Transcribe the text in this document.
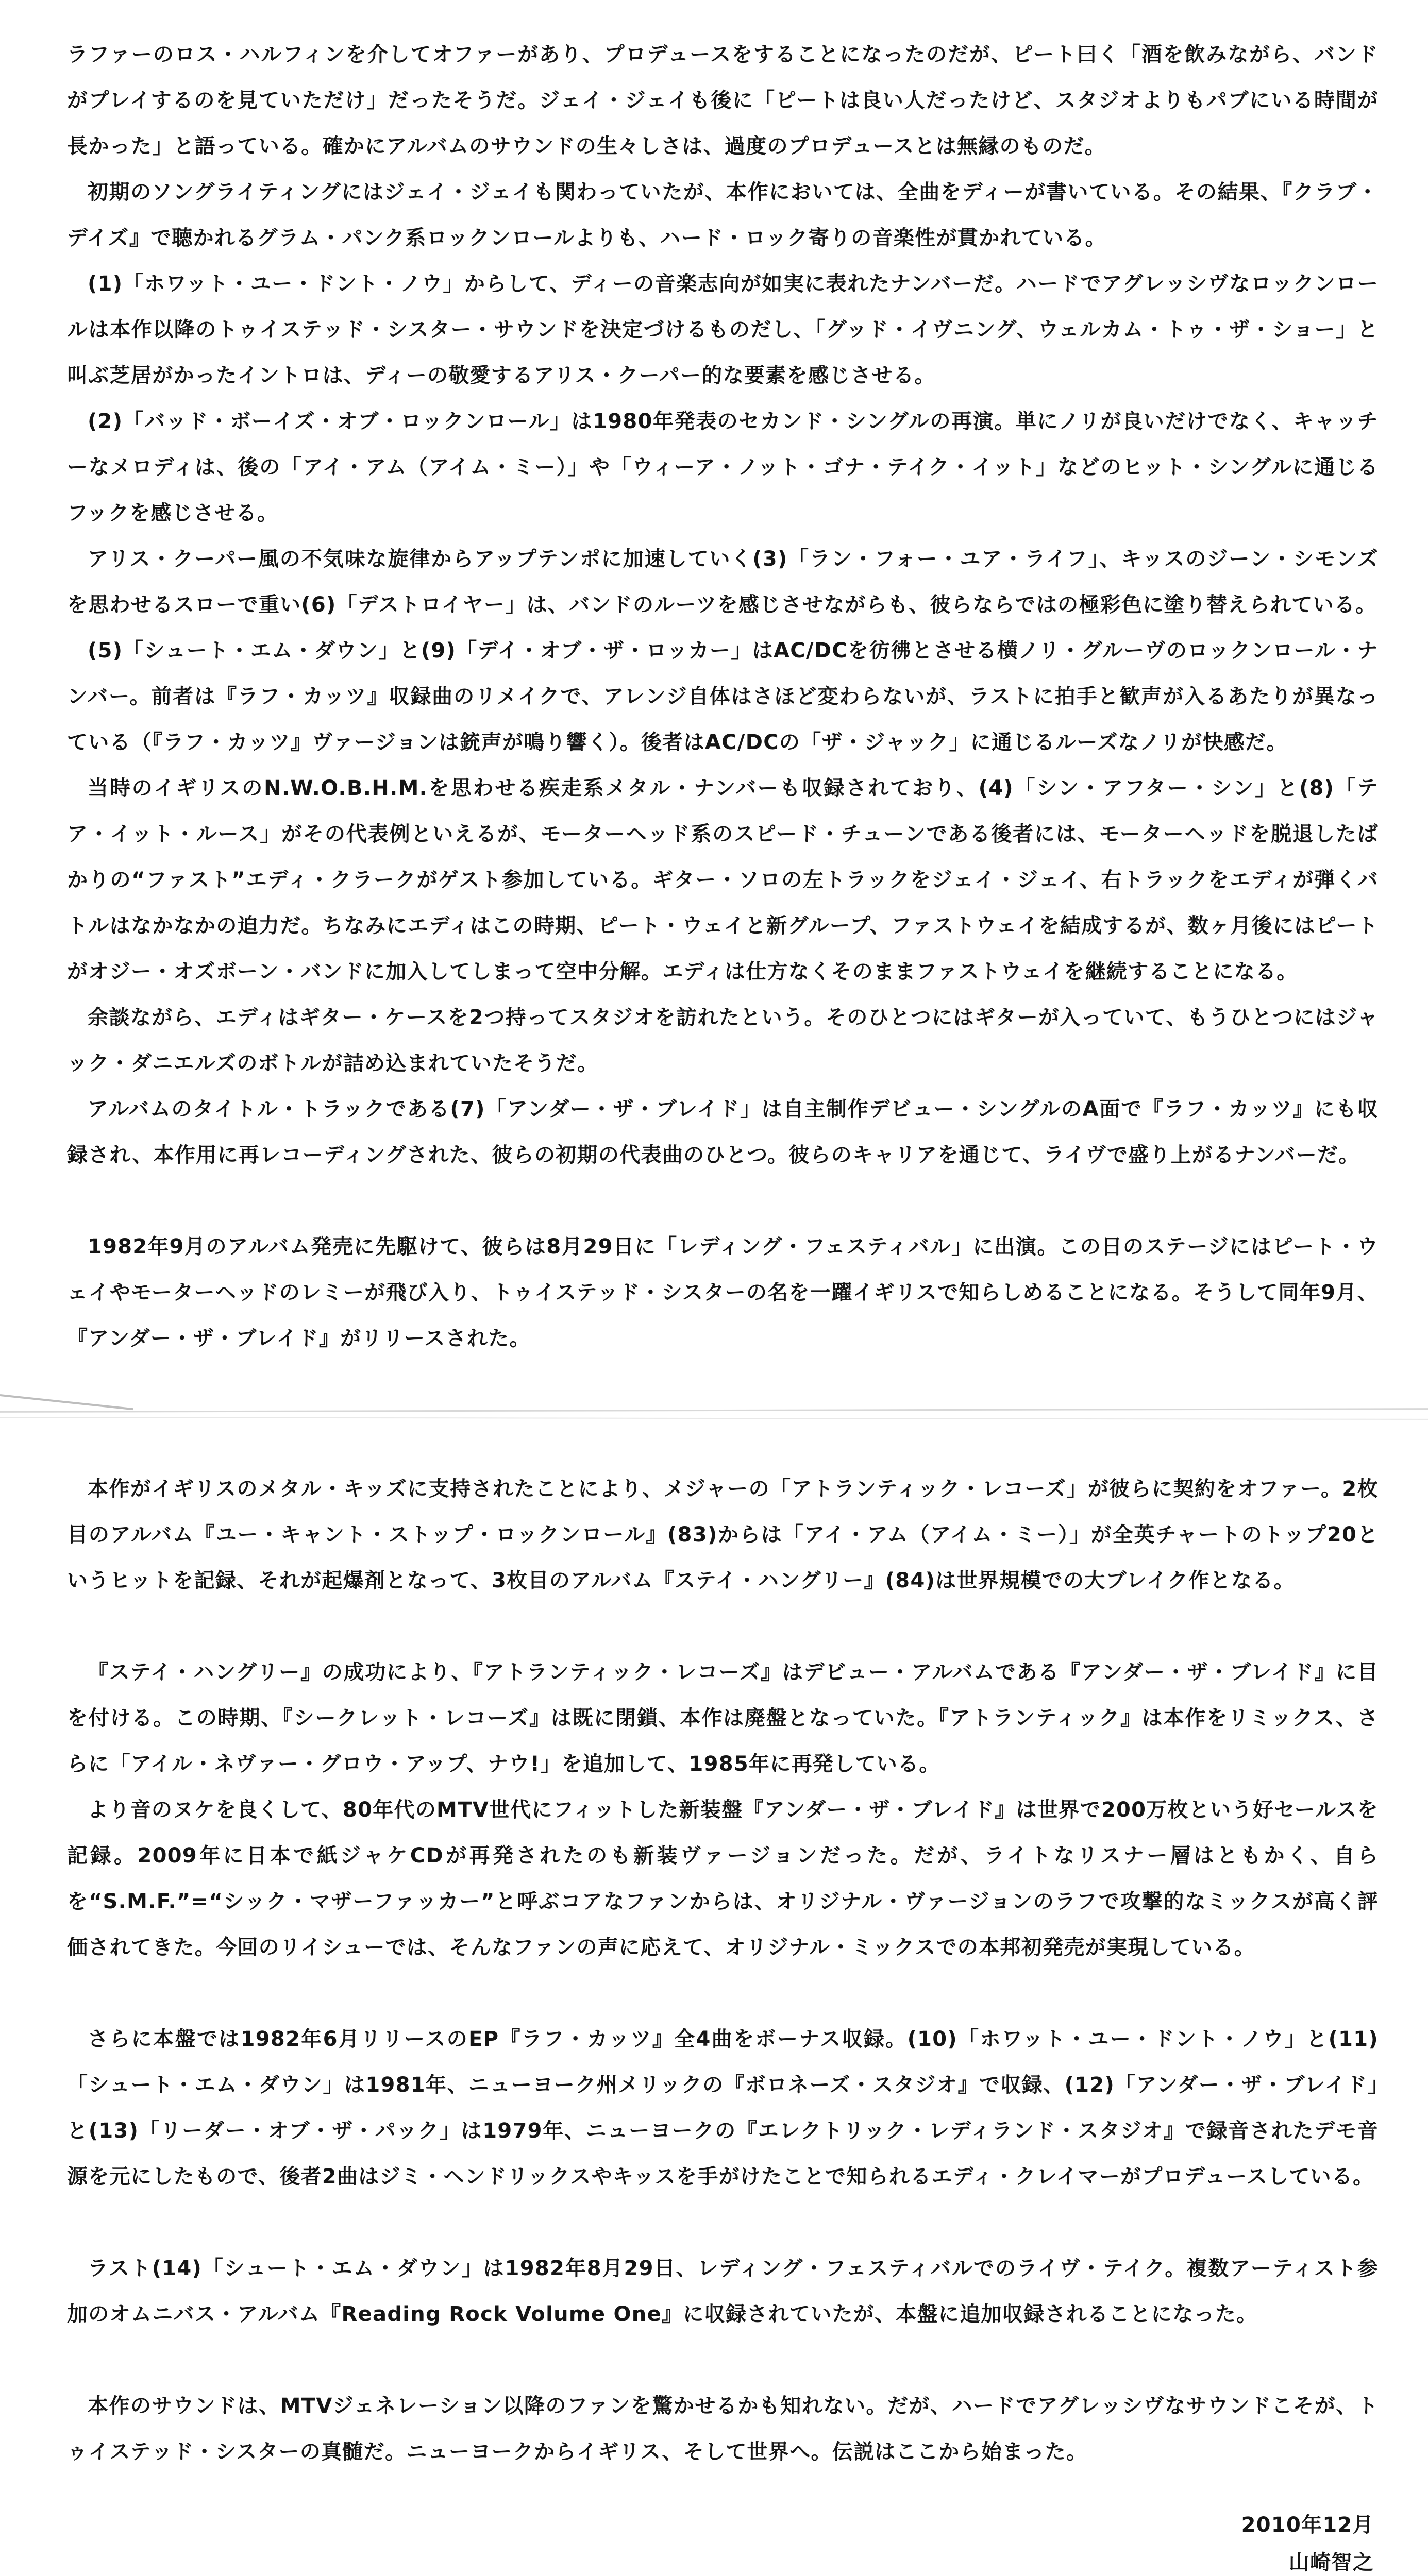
ラファーのロス・ハルフィンを介してオファーがあり、プロデュースをすることになったのだが、ピート曰く「酒を飲みながら、バンドがプレイするのを見ていただけ」だったそうだ。ジェイ・ジェイも後に「ピートは良い人だったけど、スタジオよりもパブにいる時間が長かった」と語っている。確かにアルバムのサウンドの生々しさは、過度のプロデュースとは無縁のものだ。

初期のソングライティングにはジェイ・ジェイも関わっていたが、本作においては、全曲をディーが書いている。その結果、『クラブ・デイズ』で聴かれるグラム・パンク系ロックンロールよりも、ハード・ロック寄りの音楽性が貫かれている。

(1)「ホワット・ユー・ドント・ノウ」からして、ディーの音楽志向が如実に表れたナンバーだ。ハードでアグレッシヴなロックンロールは本作以降のトゥイステッド・シスター・サウンドを決定づけるものだし、「グッド・イヴニング、ウェルカム・トゥ・ザ・ショー」と叫ぶ芝居がかったイントロは、ディーの敬愛するアリス・クーパー的な要素を感じさせる。

(2)「バッド・ボーイズ・オブ・ロックンロール」は1980年発表のセカンド・シングルの再演。単にノリが良いだけでなく、キャッチーなメロディは、後の「アイ・アム（アイム・ミー）」や「ウィーア・ノット・ゴナ・テイク・イット」などのヒット・シングルに通じるフックを感じさせる。

アリス・クーパー風の不気味な旋律からアップテンポに加速していく(3)「ラン・フォー・ユア・ライフ」、キッスのジーン・シモンズを思わせるスローで重い(6)「デストロイヤー」は、バンドのルーツを感じさせながらも、彼らならではの極彩色に塗り替えられている。

(5)「シュート・エム・ダウン」と(9)「デイ・オブ・ザ・ロッカー」はAC/DCを彷彿とさせる横ノリ・グルーヴのロックンロール・ナンバー。前者は『ラフ・カッツ』収録曲のリメイクで、アレンジ自体はさほど変わらないが、ラストに拍手と歓声が入るあたりが異なっている（『ラフ・カッツ』ヴァージョンは銃声が鳴り響く）。後者はAC/DCの「ザ・ジャック」に通じるルーズなノリが快感だ。

当時のイギリスのN.W.O.B.H.M.を思わせる疾走系メタル・ナンバーも収録されており、(4)「シン・アフター・シン」と(8)「テア・イット・ルース」がその代表例といえるが、モーターヘッド系のスピード・チューンである後者には、モーターヘッドを脱退したばかりの“ファスト”エディ・クラークがゲスト参加している。ギター・ソロの左トラックをジェイ・ジェイ、右トラックをエディが弾くバトルはなかなかの迫力だ。ちなみにエディはこの時期、ピート・ウェイと新グループ、ファストウェイを結成するが、数ヶ月後にはピートがオジー・オズボーン・バンドに加入してしまって空中分解。エディは仕方なくそのままファストウェイを継続することになる。

余談ながら、エディはギター・ケースを2つ持ってスタジオを訪れたという。そのひとつにはギターが入っていて、もうひとつにはジャック・ダニエルズのボトルが詰め込まれていたそうだ。

アルバムのタイトル・トラックである(7)「アンダー・ザ・ブレイド」は自主制作デビュー・シングルのA面で『ラフ・カッツ』にも収録され、本作用に再レコーディングされた、彼らの初期の代表曲のひとつ。彼らのキャリアを通じて、ライヴで盛り上がるナンバーだ。

1982年9月のアルバム発売に先駆けて、彼らは8月29日に「レディング・フェスティバル」に出演。この日のステージにはピート・ウェイやモーターヘッドのレミーが飛び入り、トゥイステッド・シスターの名を一躍イギリスで知らしめることになる。そうして同年9月、『アンダー・ザ・ブレイド』がリリースされた。

本作がイギリスのメタル・キッズに支持されたことにより、メジャーの「アトランティック・レコーズ」が彼らに契約をオファー。2枚目のアルバム『ユー・キャント・ストップ・ロックンロール』(83)からは「アイ・アム（アイム・ミー）」が全英チャートのトップ20というヒットを記録、それが起爆剤となって、3枚目のアルバム『ステイ・ハングリー』(84)は世界規模での大ブレイク作となる。

『ステイ・ハングリー』の成功により、『アトランティック・レコーズ』はデビュー・アルバムである『アンダー・ザ・ブレイド』に目を付ける。この時期、『シークレット・レコーズ』は既に閉鎖、本作は廃盤となっていた。『アトランティック』は本作をリミックス、さらに「アイル・ネヴァー・グロウ・アップ、ナウ!」を追加して、1985年に再発している。

より音のヌケを良くして、80年代のMTV世代にフィットした新装盤『アンダー・ザ・ブレイド』は世界で200万枚という好セールスを記録。2009年に日本で紙ジャケCDが再発されたのも新装ヴァージョンだった。だが、ライトなリスナー層はともかく、自らを“S.M.F.”=“シック・マザーファッカー”と呼ぶコアなファンからは、オリジナル・ヴァージョンのラフで攻撃的なミックスが高く評価されてきた。今回のリイシューでは、そんなファンの声に応えて、オリジナル・ミックスでの本邦初発売が実現している。

さらに本盤では1982年6月リリースのEP『ラフ・カッツ』全4曲をボーナス収録。(10)「ホワット・ユー・ドント・ノウ」と(11)「シュート・エム・ダウン」は1981年、ニューヨーク州メリックの『ボロネーズ・スタジオ』で収録、(12)「アンダー・ザ・ブレイド」と(13)「リーダー・オブ・ザ・パック」は1979年、ニューヨークの『エレクトリック・レディランド・スタジオ』で録音されたデモ音源を元にしたもので、後者2曲はジミ・ヘンドリックスやキッスを手がけたことで知られるエディ・クレイマーがプロデュースしている。

ラスト(14)「シュート・エム・ダウン」は1982年8月29日、レディング・フェスティバルでのライヴ・テイク。複数アーティスト参加のオムニバス・アルバム『Reading Rock Volume One』に収録されていたが、本盤に追加収録されることになった。

本作のサウンドは、MTVジェネレーション以降のファンを驚かせるかも知れない。だが、ハードでアグレッシヴなサウンドこそが、トゥイステッド・シスターの真髄だ。ニューヨークからイギリス、そして世界へ。伝説はここから始まった。

2010年12月
山崎智之
